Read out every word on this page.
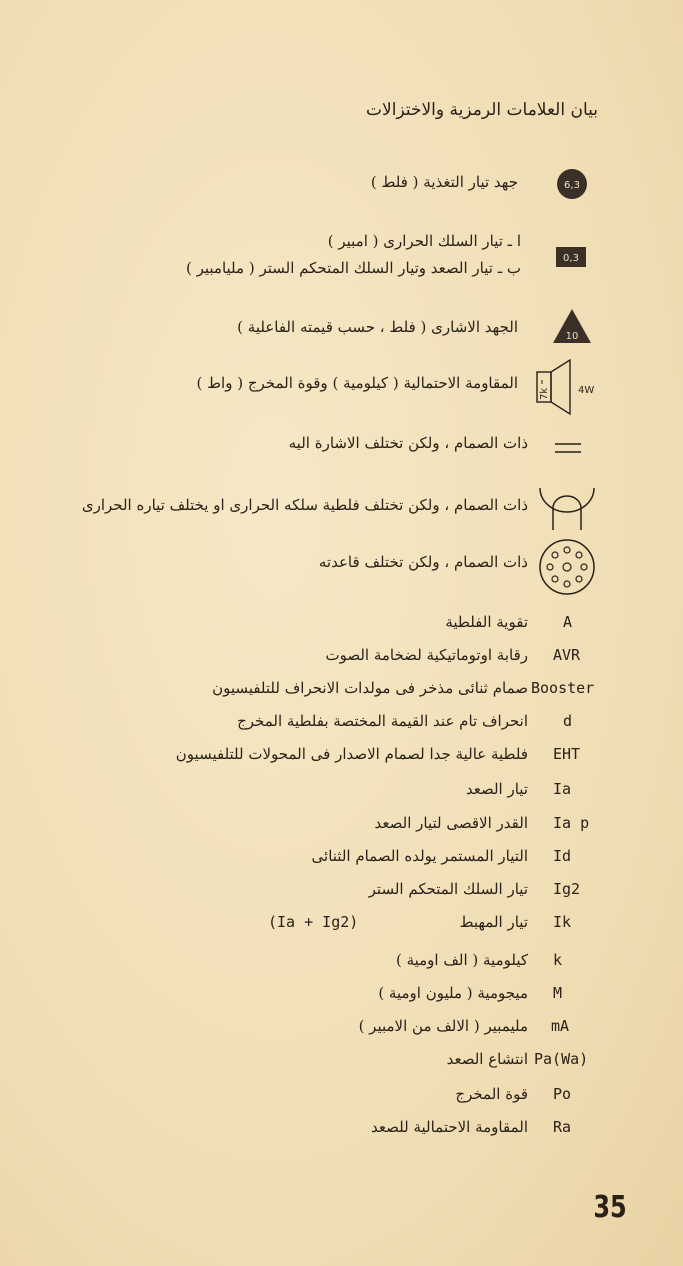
بيان العلامات الرمزية والاختزالات
6,3
جهد تيار التغذية ( فلط )
0,3
ا ـ تيار السلك الحرارى ( امبير )
ب ـ تيار الصعد وتيار السلك المتحكم الستر ( مليامبير )
10
الجهد الاشارى ( فلط ، حسب قيمته الفاعلية )
7k	4W
المقاومة الاحتمالية ( كيلومية ) وقوة المخرج ( واط )
ذات الصمام ، ولكن تختلف الاشارة اليه
ذات الصمام ، ولكن تختلف فلطية سلكه الحرارى او يختلف تياره الحرارى
ذات الصمام ، ولكن تختلف قاعدته
A
تقوية الفلطية
AVR
رقابة اوتوماتيكية لضخامة الصوت
Booster
صمام ثنائى مذخر فى مولدات الانحراف للتلفيسيون
d
انحراف تام عند القيمة المختصة بفلطية المخرج
EHT
فلطية عالية جدا لصمام الاصدار فى المحولات للتلفيسيون
Ia
تيار الصعد
Ia p
القدر الاقصى لتيار الصعد
Id
التيار المستمر يولده الصمام الثنائى
Ig2
تيار السلك المتحكم الستر
Ik
تيار المهبط
(Ia + Ig2)
k
كيلومية ( الف اومية )
M
ميجومية ( مليون اومية )
mA
مليمبير ( الالف من الامبير )
Pa(Wa)
انتشاع الصعد
Po
قوة المخرج
Ra
المقاومة الاحتمالية للصعد
35
